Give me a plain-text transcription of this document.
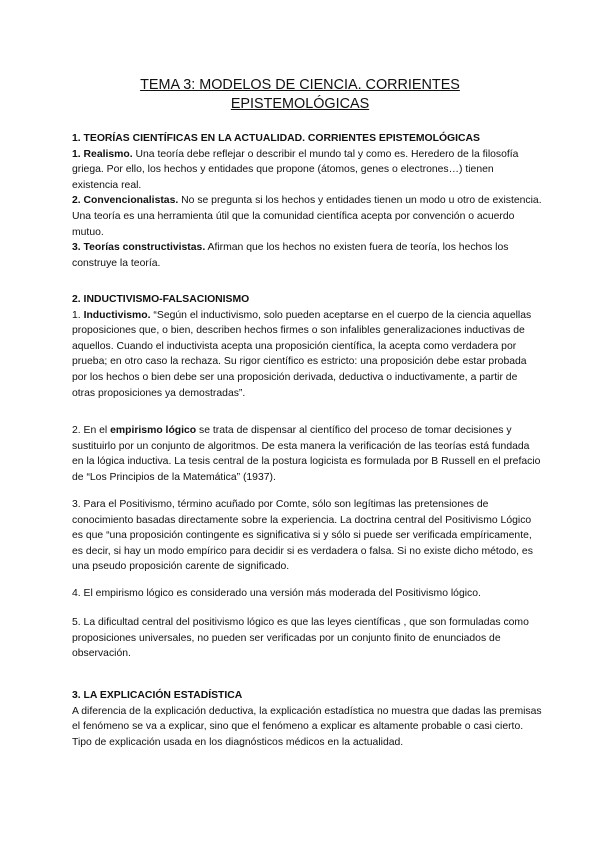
TEMA 3: MODELOS DE CIENCIA. CORRIENTES
EPISTEMOLÓGICAS

1. TEORÍAS CIENTÍFICAS EN LA ACTUALIDAD. CORRIENTES EPISTEMOLÓGICAS

1. Realismo. Una teoría debe reflejar o describir el mundo tal y como es. Heredero de la filosofía griega. Por ello, los hechos y entidades que propone (átomos, genes o electrones…) tienen existencia real.

2. Convencionalistas. No se pregunta si los hechos y entidades tienen un modo u otro de existencia. Una teoría es una herramienta útil que la comunidad científica acepta por convención o acuerdo mutuo.

3. Teorías constructivistas. Afirman que los hechos no existen fuera de teoría, los hechos los construye la teoría.

2. INDUCTIVISMO-FALSACIONISMO

1. Inductivismo. “Según el inductivismo, solo pueden aceptarse en el cuerpo de la ciencia aquellas proposiciones que, o bien, describen hechos firmes o son infalibles generalizaciones inductivas de aquellos. Cuando el inductivista acepta una proposición científica, la acepta como verdadera por prueba; en otro caso la rechaza. Su rigor científico es estricto: una proposición debe estar probada por los hechos o bien debe ser una proposición derivada, deductiva o inductivamente, a partir de otras proposiciones ya demostradas”.

2. En el empirismo lógico se trata de dispensar al científico del proceso de tomar decisiones y sustituirlo por un conjunto de algoritmos. De esta manera la verificación de las teorías está fundada en la lógica inductiva. La tesis central de la postura logicista es formulada por B Russell en el prefacio de “Los Principios de la Matemática” (1937).

3. Para el Positivismo, término acuñado por Comte, sólo son legítimas las pretensiones de conocimiento basadas directamente sobre la experiencia. La doctrina central del Positivismo Lógico es que “una proposición contingente es significativa si y sólo si puede ser verificada empíricamente, es decir, si hay un modo empírico para decidir si es verdadera o falsa. Si no existe dicho método, es una pseudo proposición carente de significado.

4. El empirismo lógico es considerado una versión más moderada del Positivismo lógico.

5. La dificultad central del positivismo lógico es que las leyes científicas , que son formuladas como proposiciones universales, no pueden ser verificadas por un conjunto finito de enunciados de observación.

3. LA EXPLICACIÓN ESTADÍSTICA

A diferencia de la explicación deductiva, la explicación estadística no muestra que dadas las premisas el fenómeno se va a explicar, sino que el fenómeno a explicar es altamente probable o casi cierto. Tipo de explicación usada en los diagnósticos médicos en la actualidad.
